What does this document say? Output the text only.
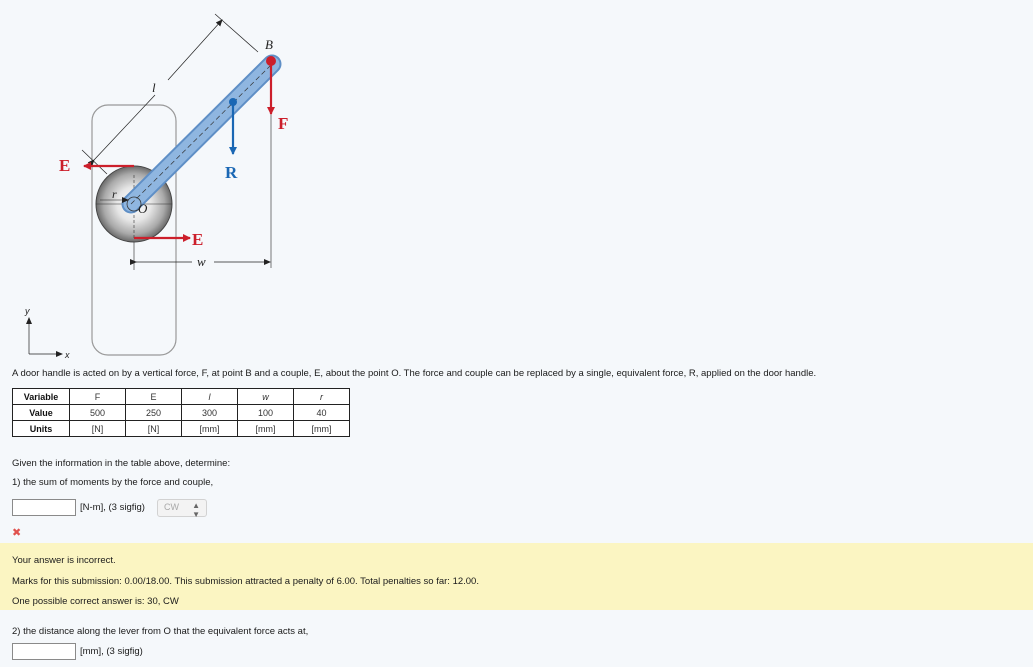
l
w
E
E
r
O
R
F
B
y
x

A door handle is acted on by a vertical force, F, at point B and a couple, E, about the point O. The force and couple can be replaced by a single, equivalent force, R, applied on the door handle.

Variable	F	E	l	w	r
Value	500	250	300	100	40
Units	[N]	[N]	[mm]	[mm]	[mm]

Given the information in the table above, determine:

1) the sum of moments by the force and couple,

[N-m], (3 sigfig)	CW ▲
▼
✖

Your answer is incorrect.

Marks for this submission: 0.00/18.00. This submission attracted a penalty of 6.00. Total penalties so far: 12.00.

One possible correct answer is: 30, CW

2) the distance along the lever from O that the equivalent force acts at,

[mm], (3 sigfig)
